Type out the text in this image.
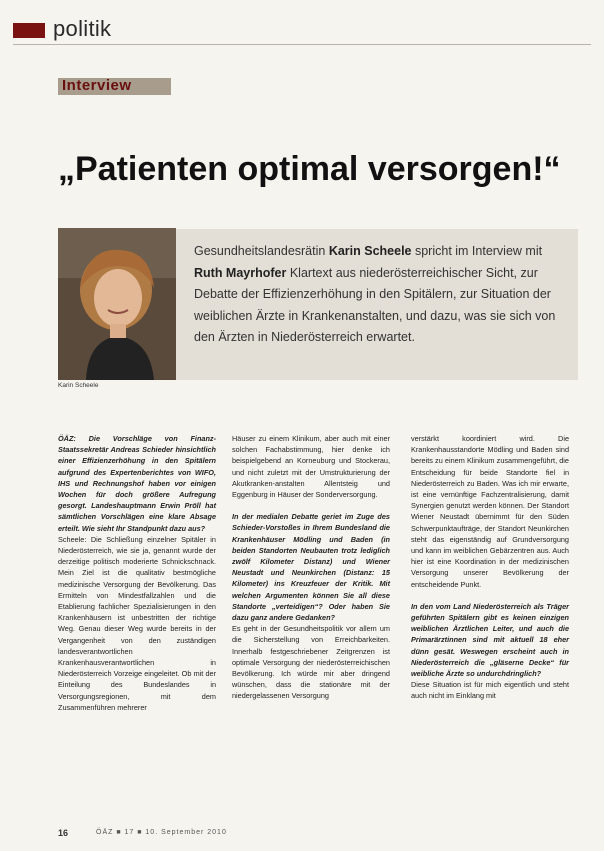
politik
Interview
„Patienten optimal versorgen!“
Karin Scheele
Gesundheitslandesrätin Karin Scheele spricht im Interview mit Ruth Mayrhofer Klartext aus niederösterreichischer Sicht, zur Debatte der Effizienzerhöhung in den Spitälern, zur Situation der weiblichen Ärzte in Krankenanstalten, und dazu, was sie sich von den Ärzten in Niederösterreich erwartet.

ÖÄZ: Die Vorschläge von Finanz-Staatssekretär Andreas Schieder hinsichtlich einer Effizienzerhöhung in den Spitälern aufgrund des Expertenberichtes von WIFO, IHS und Rechnungshof haben vor einigen Wochen für doch größere Aufregung gesorgt. Landeshauptmann Erwin Pröll hat sämtlichen Vorschlägen eine klare Absage erteilt. Wie sieht Ihr Standpunkt dazu aus?

Scheele: Die Schließung einzelner Spitäler in Niederösterreich, wie sie ja, genannt wurde der derzeitige politisch moderierte Schnickschnack. Mein Ziel ist die qualitativ bestmögliche medizinische Versorgung der Bevölkerung. Das Ermitteln von Mindestfallzahlen und die Etablierung fachlicher Spezialisierungen in den Krankenhäusern ist unbestritten der richtige Weg. Genau dieser Weg wurde bereits in der Vergangenheit von den zuständigen landesverantwortlichen Krankenhausverantwortlichen in Niederösterreich Vorzeige eingeleitet. Ob mit der Einteilung des Bundeslandes in Versorgungsregionen, mit dem Zusammenführen mehrerer

Häuser zu einem Klinikum, aber auch mit einer solchen Fachabstimmung, hier denke ich beispielgebend an Korneuburg und Stockerau, und nicht zuletzt mit der Umstrukturierung der Akutkranken-anstalten Allentsteig und Eggenburg in Häuser der Sonderversorgung.

In der medialen Debatte geriet im Zuge des Schieder-Vorstoßes in Ihrem Bundesland die Krankenhäuser Mödling und Baden (in beiden Standorten Neubauten trotz lediglich zwölf Kilometer Distanz) und Wiener Neustadt und Neunkirchen (Distanz: 15 Kilometer) ins Kreuzfeuer der Kritik. Mit welchen Argumenten können Sie all diese Standorte „verteidigen“? Oder haben Sie dazu ganz andere Gedanken?

Es geht in der Gesundheitspolitik vor allem um die Sicherstellung von Erreichbarkeiten. Innerhalb festgeschriebener Zeitgrenzen ist optimale Versorgung der niederösterreichischen Bevölkerung. Ich würde mir aber dringend wünschen, dass die stationäre mit der niedergelassenen Versorgung

verstärkt koordiniert wird. Die Krankenhausstandorte Mödling und Baden sind bereits zu einem Klinikum zusammengeführt, die Entscheidung für beide Standorte fiel in Niederösterreich zu Baden. Was ich mir erwarte, ist eine vernünftige Fachzentralisierung, damit Synergien genutzt werden können. Der Standort Wiener Neustadt übernimmt für den Süden Schwerpunktaufträge, der Standort Neunkirchen steht das eigenständig auf Grundversorgung und kann im weiblichen Gebärzentren aus. Auch hier ist eine Koordination in der medizinischen Versorgung unserer Bevölkerung der entscheidende Punkt.

In den vom Land Niederösterreich als Träger geführten Spitälern gibt es keinen einzigen weiblichen Ärztlichen Leiter, und auch die Primarärztinnen sind mit aktuell 18 eher dünn gesät. Weswegen erscheint auch in Niederösterreich die „gläserne Decke“ für weibliche Ärzte so undurchdringlich?

Diese Situation ist für mich eigentlich und steht auch nicht im Einklang mit

16	ÖÄZ ■ 17 ■ 10. September 2010
